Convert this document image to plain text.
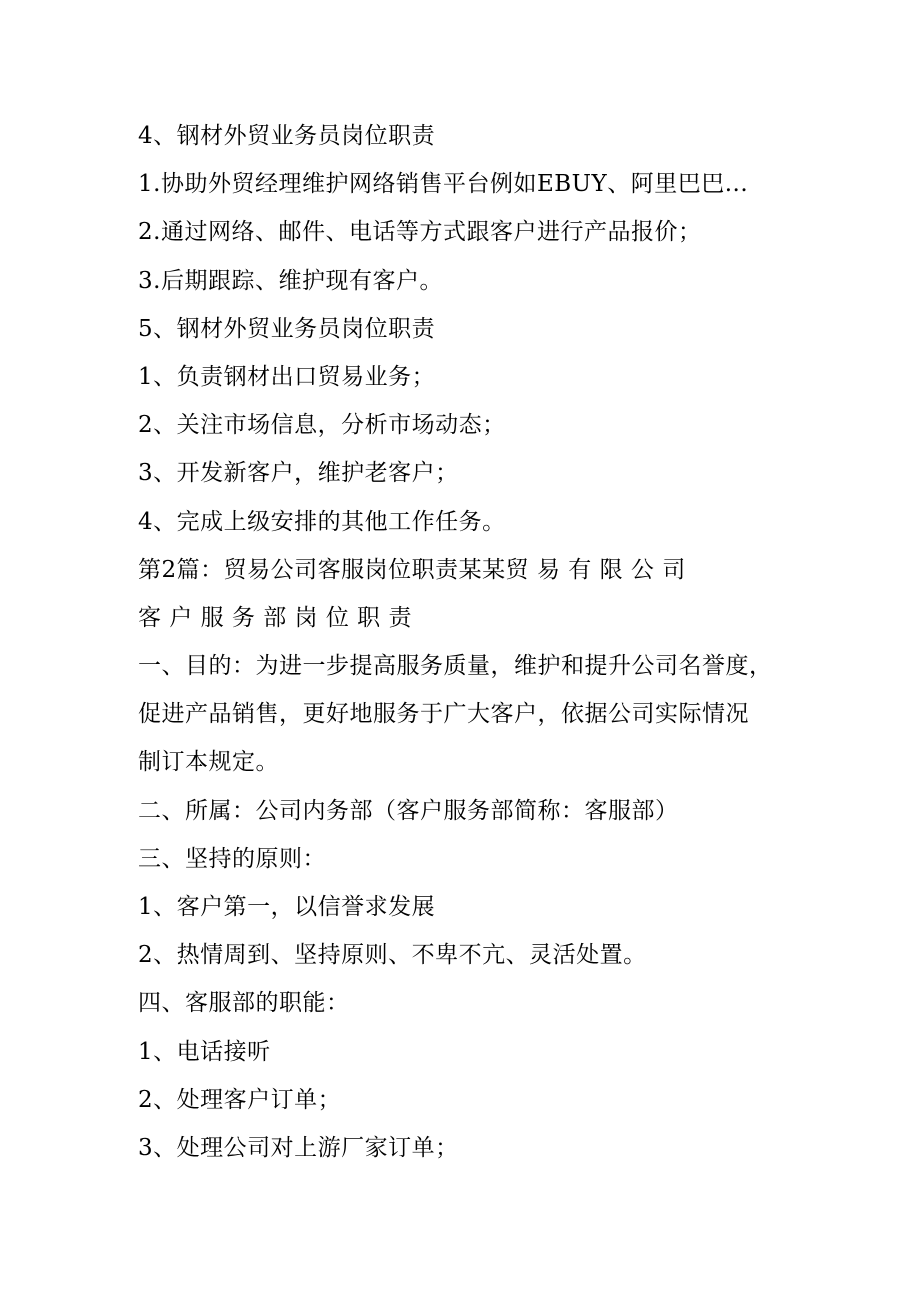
4、钢材外贸业务员岗位职责
1.协助外贸经理维护网络销售平台例如EBUY、阿里巴巴...
2.通过网络、邮件、电话等方式跟客户进行产品报价；
3.后期跟踪、维护现有客户。
5、钢材外贸业务员岗位职责
1、负责钢材出口贸易业务；
2、关注市场信息，分析市场动态；
3、开发新客户，维护老客户；
4、完成上级安排的其他工作任务。
第2篇：贸易公司客服岗位职责某某贸 易 有 限 公 司
客 户 服 务 部 岗 位 职 责
一、目的：为进一步提高服务质量，维护和提升公司名誉度，
促进产品销售，更好地服务于广大客户，依据公司实际情况
制订本规定。
二、所属：公司内务部（客户服务部简称：客服部）
三、坚持的原则：
1、客户第一，以信誉求发展
2、热情周到、坚持原则、不卑不亢、灵活处置。
四、客服部的职能：
1、电话接听
2、处理客户订单；
3、处理公司对上游厂家订单；
